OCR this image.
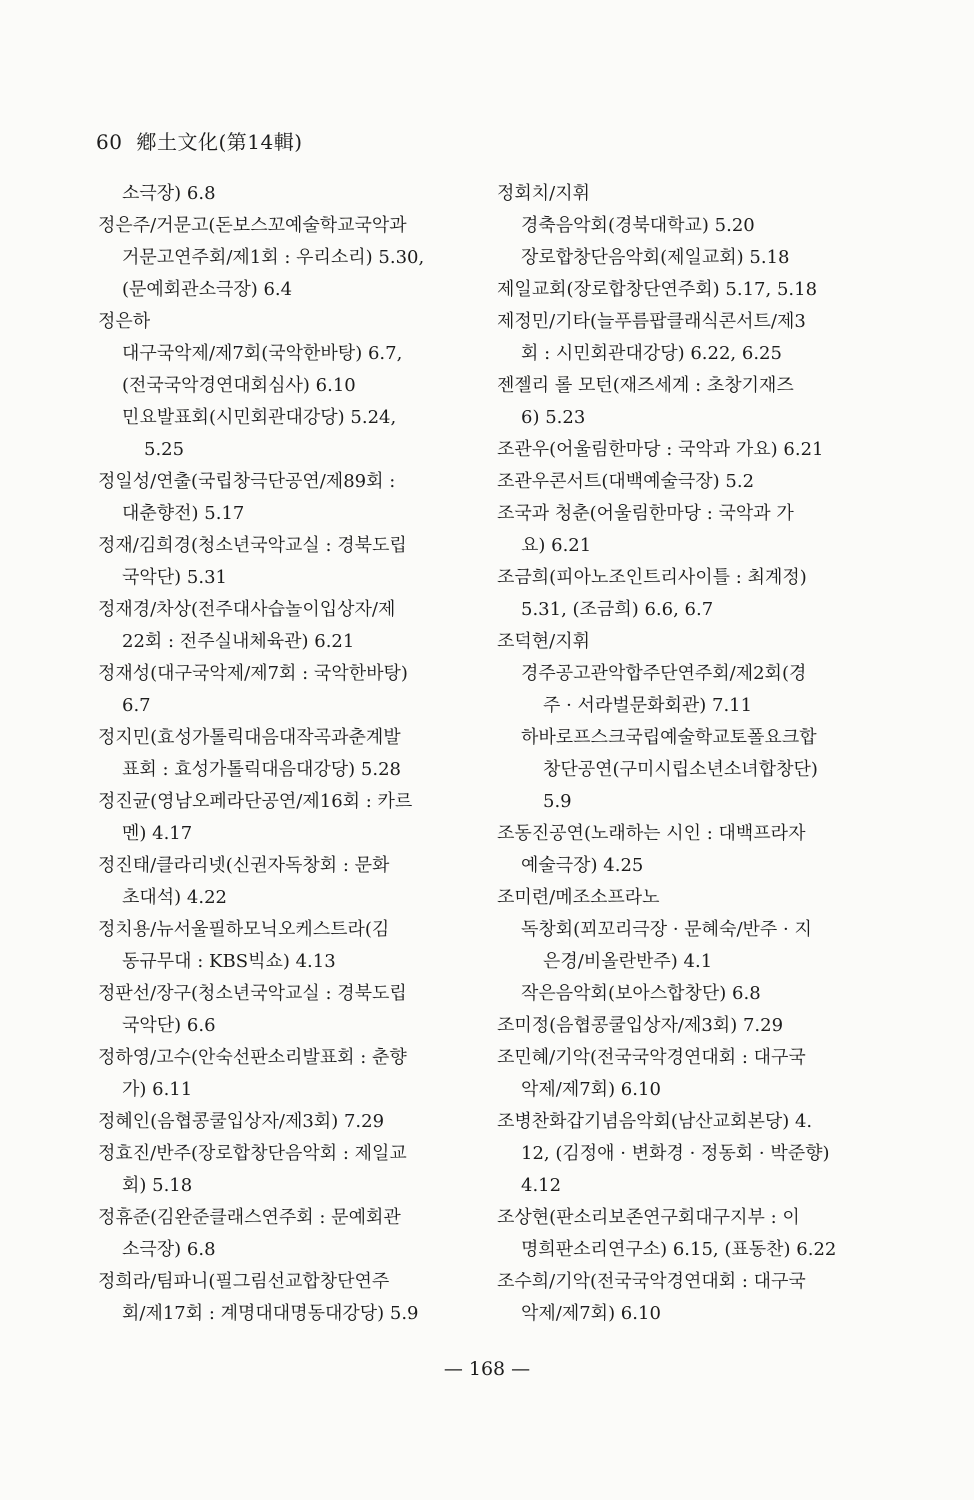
60 鄕土文化(第14輯)

소극장) 6.8

정은주/거문고(돈보스꼬예술학교국악과

거문고연주회/제1회 : 우리소리) 5.30,

(문예회관소극장) 6.4

정은하

대구국악제/제7회(국악한바탕) 6.7,

(전국국악경연대회심사) 6.10

민요발표회(시민회관대강당) 5.24,

5.25

정일성/연출(국립창극단공연/제89회 :

대춘향전) 5.17

정재/김희경(청소년국악교실 : 경북도립

국악단) 5.31

정재경/차상(전주대사습놀이입상자/제

22회 : 전주실내체육관) 6.21

정재성(대구국악제/제7회 : 국악한바탕)

6.7

정지민(효성가톨릭대음대작곡과춘계발

표회 : 효성가톨릭대음대강당) 5.28

정진균(영남오페라단공연/제16회 : 카르

멘) 4.17

정진태/클라리넷(신권자독창회 : 문화

초대석) 4.22

정치용/뉴서울필하모닉오케스트라(김

동규무대 : KBS빅쇼) 4.13

정판선/장구(청소년국악교실 : 경북도립

국악단) 6.6

정하영/고수(안숙선판소리발표회 : 춘향

가) 6.11

정혜인(음협콩쿨입상자/제3회) 7.29

정효진/반주(장로합창단음악회 : 제일교

회) 5.18

정휴준(김완준클래스연주회 : 문예회관

소극장) 6.8

정희라/팀파니(필그림선교합창단연주

회/제17회 : 계명대대명동대강당) 5.9

정회치/지휘

경축음악회(경북대학교) 5.20

장로합창단음악회(제일교회) 5.18

제일교회(장로합창단연주회) 5.17, 5.18

제정민/기타(늘푸름팝클래식콘서트/제3

회 : 시민회관대강당) 6.22, 6.25

젠젤리 롤 모턴(재즈세계 : 초창기재즈

6) 5.23

조관우(어울림한마당 : 국악과 가요) 6.21

조관우콘서트(대백예술극장) 5.2

조국과 청춘(어울림한마당 : 국악과 가

요) 6.21

조금희(피아노조인트리사이틀 : 최계정)

5.31, (조금희) 6.6, 6.7

조덕현/지휘

경주공고관악합주단연주회/제2회(경

주 · 서라벌문화회관) 7.11

하바로프스크국립예술학교토폴요크합

창단공연(구미시립소년소녀합창단)

5.9

조동진공연(노래하는 시인 : 대백프라자

예술극장) 4.25

조미련/메조소프라노

독창회(꾀꼬리극장 · 문혜숙/반주 · 지

은경/비올란반주) 4.1

작은음악회(보아스합창단) 6.8

조미정(음협콩쿨입상자/제3회) 7.29

조민혜/기악(전국국악경연대회 : 대구국

악제/제7회) 6.10

조병찬화갑기념음악회(남산교회본당) 4.

12, (김정애 · 변화경 · 정동회 · 박준향)

4.12

조상현(판소리보존연구회대구지부 : 이

명희판소리연구소) 6.15, (표동찬) 6.22

조수희/기악(전국국악경연대회 : 대구국

악제/제7회) 6.10

— 168 —
